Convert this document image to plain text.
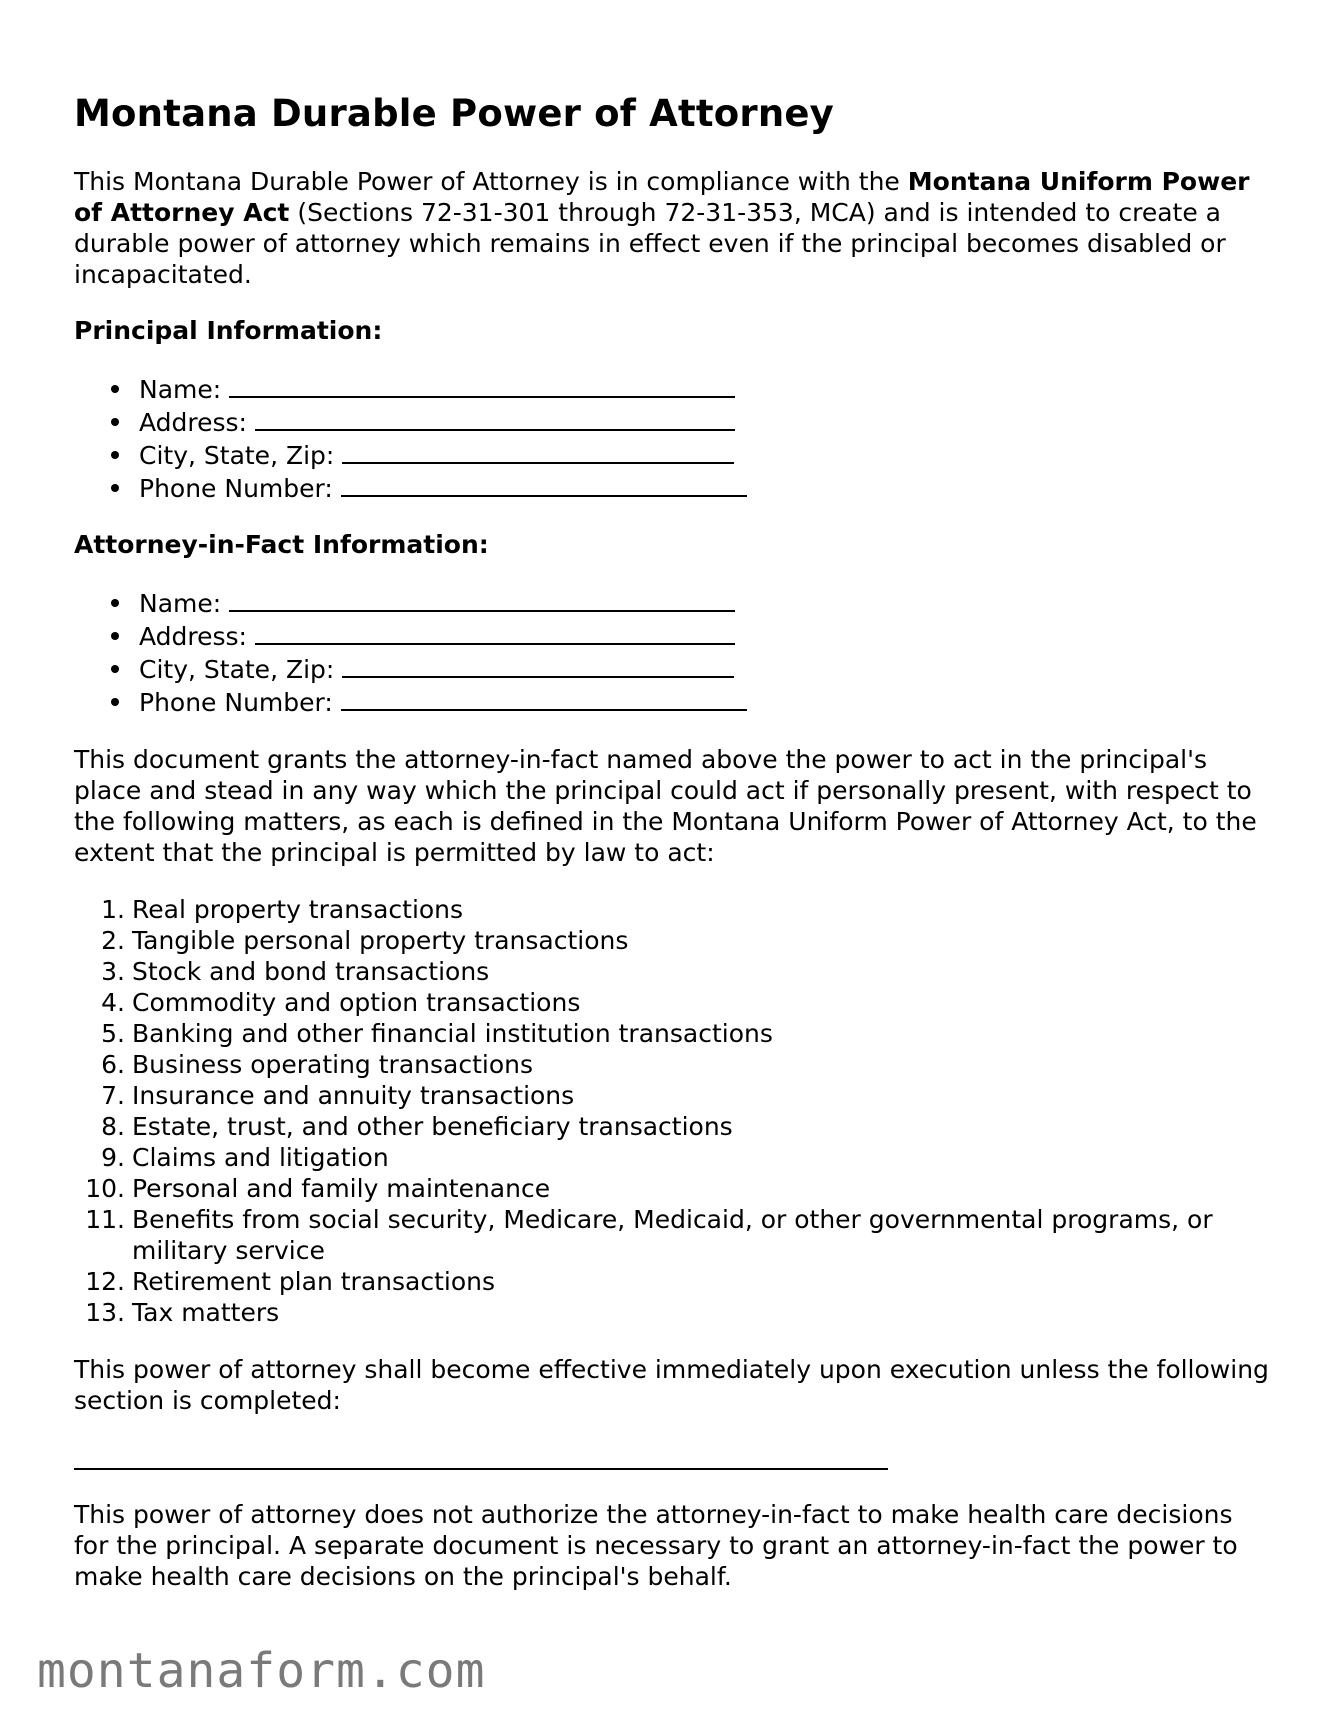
Montana Durable Power of Attorney

This Montana Durable Power of Attorney is in compliance with the Montana Uniform Power of Attorney Act (Sections 72-31-301 through 72-31-353, MCA) and is intended to create a durable power of attorney which remains in effect even if the principal becomes disabled or incapacitated.

Principal Information:
Name:
Address:
City, State, Zip:
Phone Number:
Attorney-in-Fact Information:
Name:
Address:
City, State, Zip:
Phone Number:

This document grants the attorney-in-fact named above the power to act in the principal's place and stead in any way which the principal could act if personally present, with respect to the following matters, as each is defined in the Montana Uniform Power of Attorney Act, to the extent that the principal is permitted by law to act:

1. Real property transactions
2. Tangible personal property transactions
3. Stock and bond transactions
4. Commodity and option transactions
5. Banking and other financial institution transactions
6. Business operating transactions
7. Insurance and annuity transactions
8. Estate, trust, and other beneficiary transactions
9. Claims and litigation
10. Personal and family maintenance
11. Benefits from social security, Medicare, Medicaid, or other governmental programs, or military service
12. Retirement plan transactions
13. Tax matters

This power of attorney shall become effective immediately upon execution unless the following section is completed:

This power of attorney does not authorize the attorney-in-fact to make health care decisions for the principal. A separate document is necessary to grant an attorney-in-fact the power to make health care decisions on the principal's behalf.

montanaform.com
